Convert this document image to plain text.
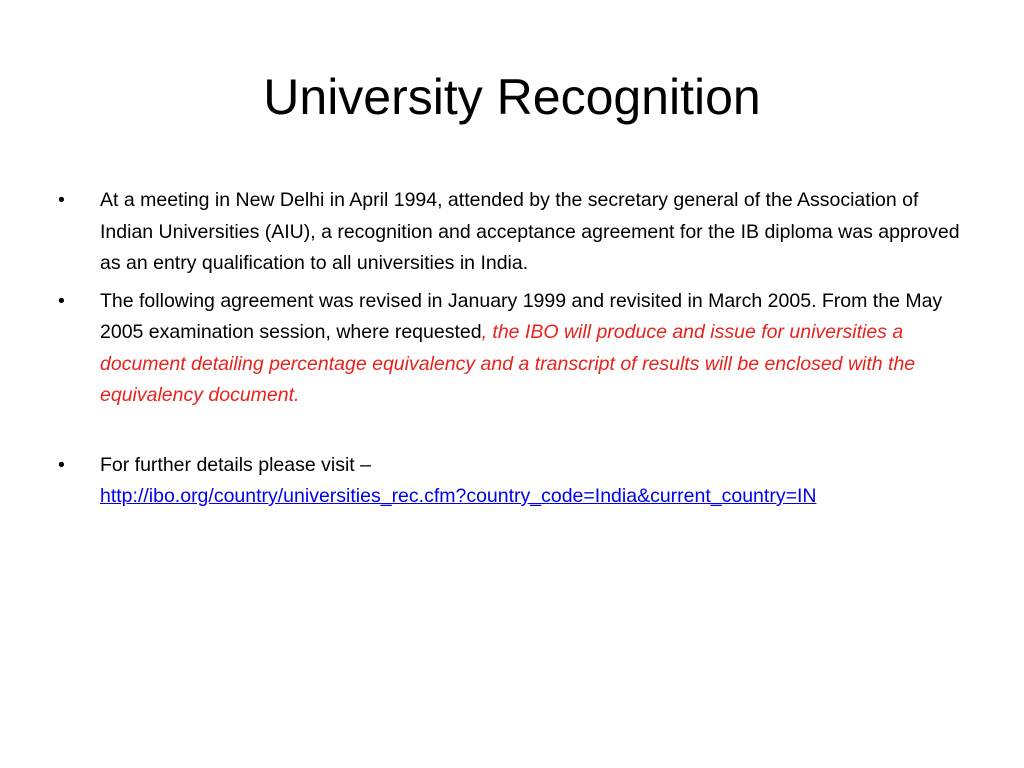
University Recognition
•	At a meeting in New Delhi in April 1994, attended by the secretary general of the Association of Indian Universities (AIU), a recognition and acceptance agreement for the IB diploma was approved as an entry qualification to all universities in India.
•	The following agreement was revised in January 1999 and revisited in March 2005. From the May 2005 examination session, where requested, the IBO will produce and issue for universities a document detailing percentage equivalency and a transcript of results will be enclosed with the equivalency document.
•	For further details please visit –
http://ibo.org/country/universities_rec.cfm?country_code=India&current_country=IN
